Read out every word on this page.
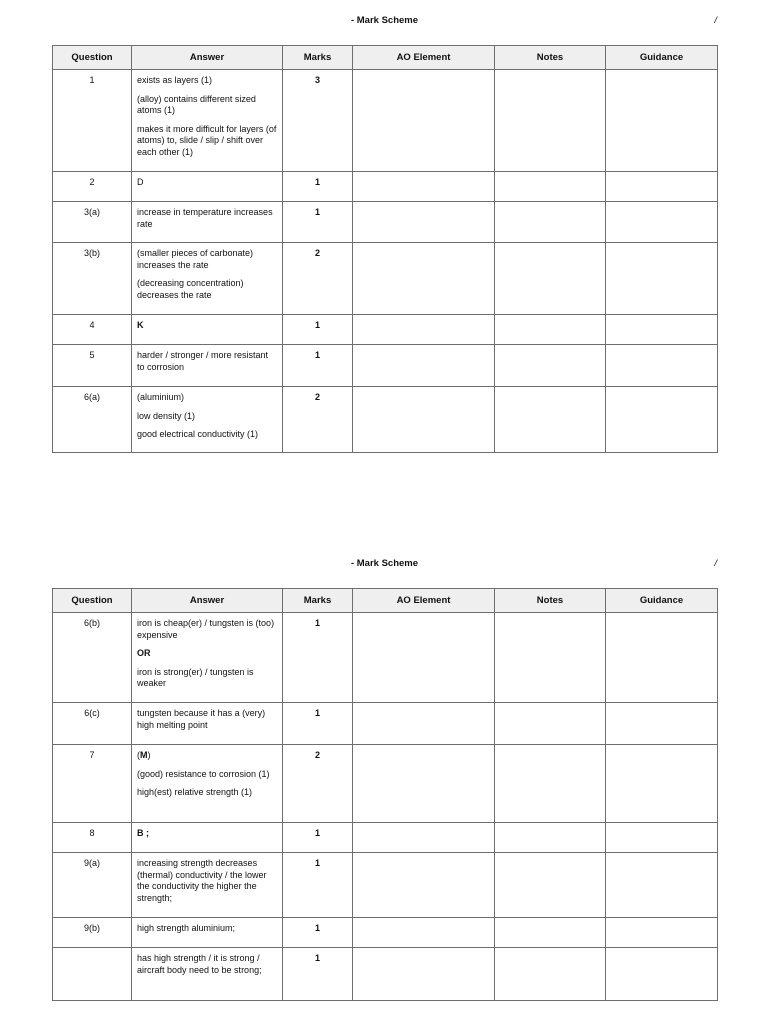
- Mark Scheme	/
Question	Answer	Marks	AO Element	Notes	Guidance
1	exists as layers (1)
(alloy) contains different sized atoms (1)
makes it more difficult for layers (of atoms) to, slide / slip / shift over each other (1)	3			
2	D	1			
3(a)	increase in temperature increases rate	1			
3(b)	(smaller pieces of carbonate) increases the rate
(decreasing concentration) decreases the rate	2			
4	K	1			
5	harder / stronger / more resistant to corrosion	1			
6(a)	(aluminium)
low density (1)
good electrical conductivity (1)	2			
- Mark Scheme	/
Question	Answer	Marks	AO Element	Notes	Guidance
6(b)	iron is cheap(er) / tungsten is (too) expensive
OR
iron is strong(er) / tungsten is weaker	1			
6(c)	tungsten because it has a (very) high melting point	1			
7	(M)
(good) resistance to corrosion (1)
high(est) relative strength (1)	2			
8	B ;	1			
9(a)	increasing strength decreases (thermal) conductivity / the lower the conductivity the higher the strength;	1			
9(b)	high strength aluminium;	1			

	has high strength / it is strong / aircraft body need to be strong;	1			
